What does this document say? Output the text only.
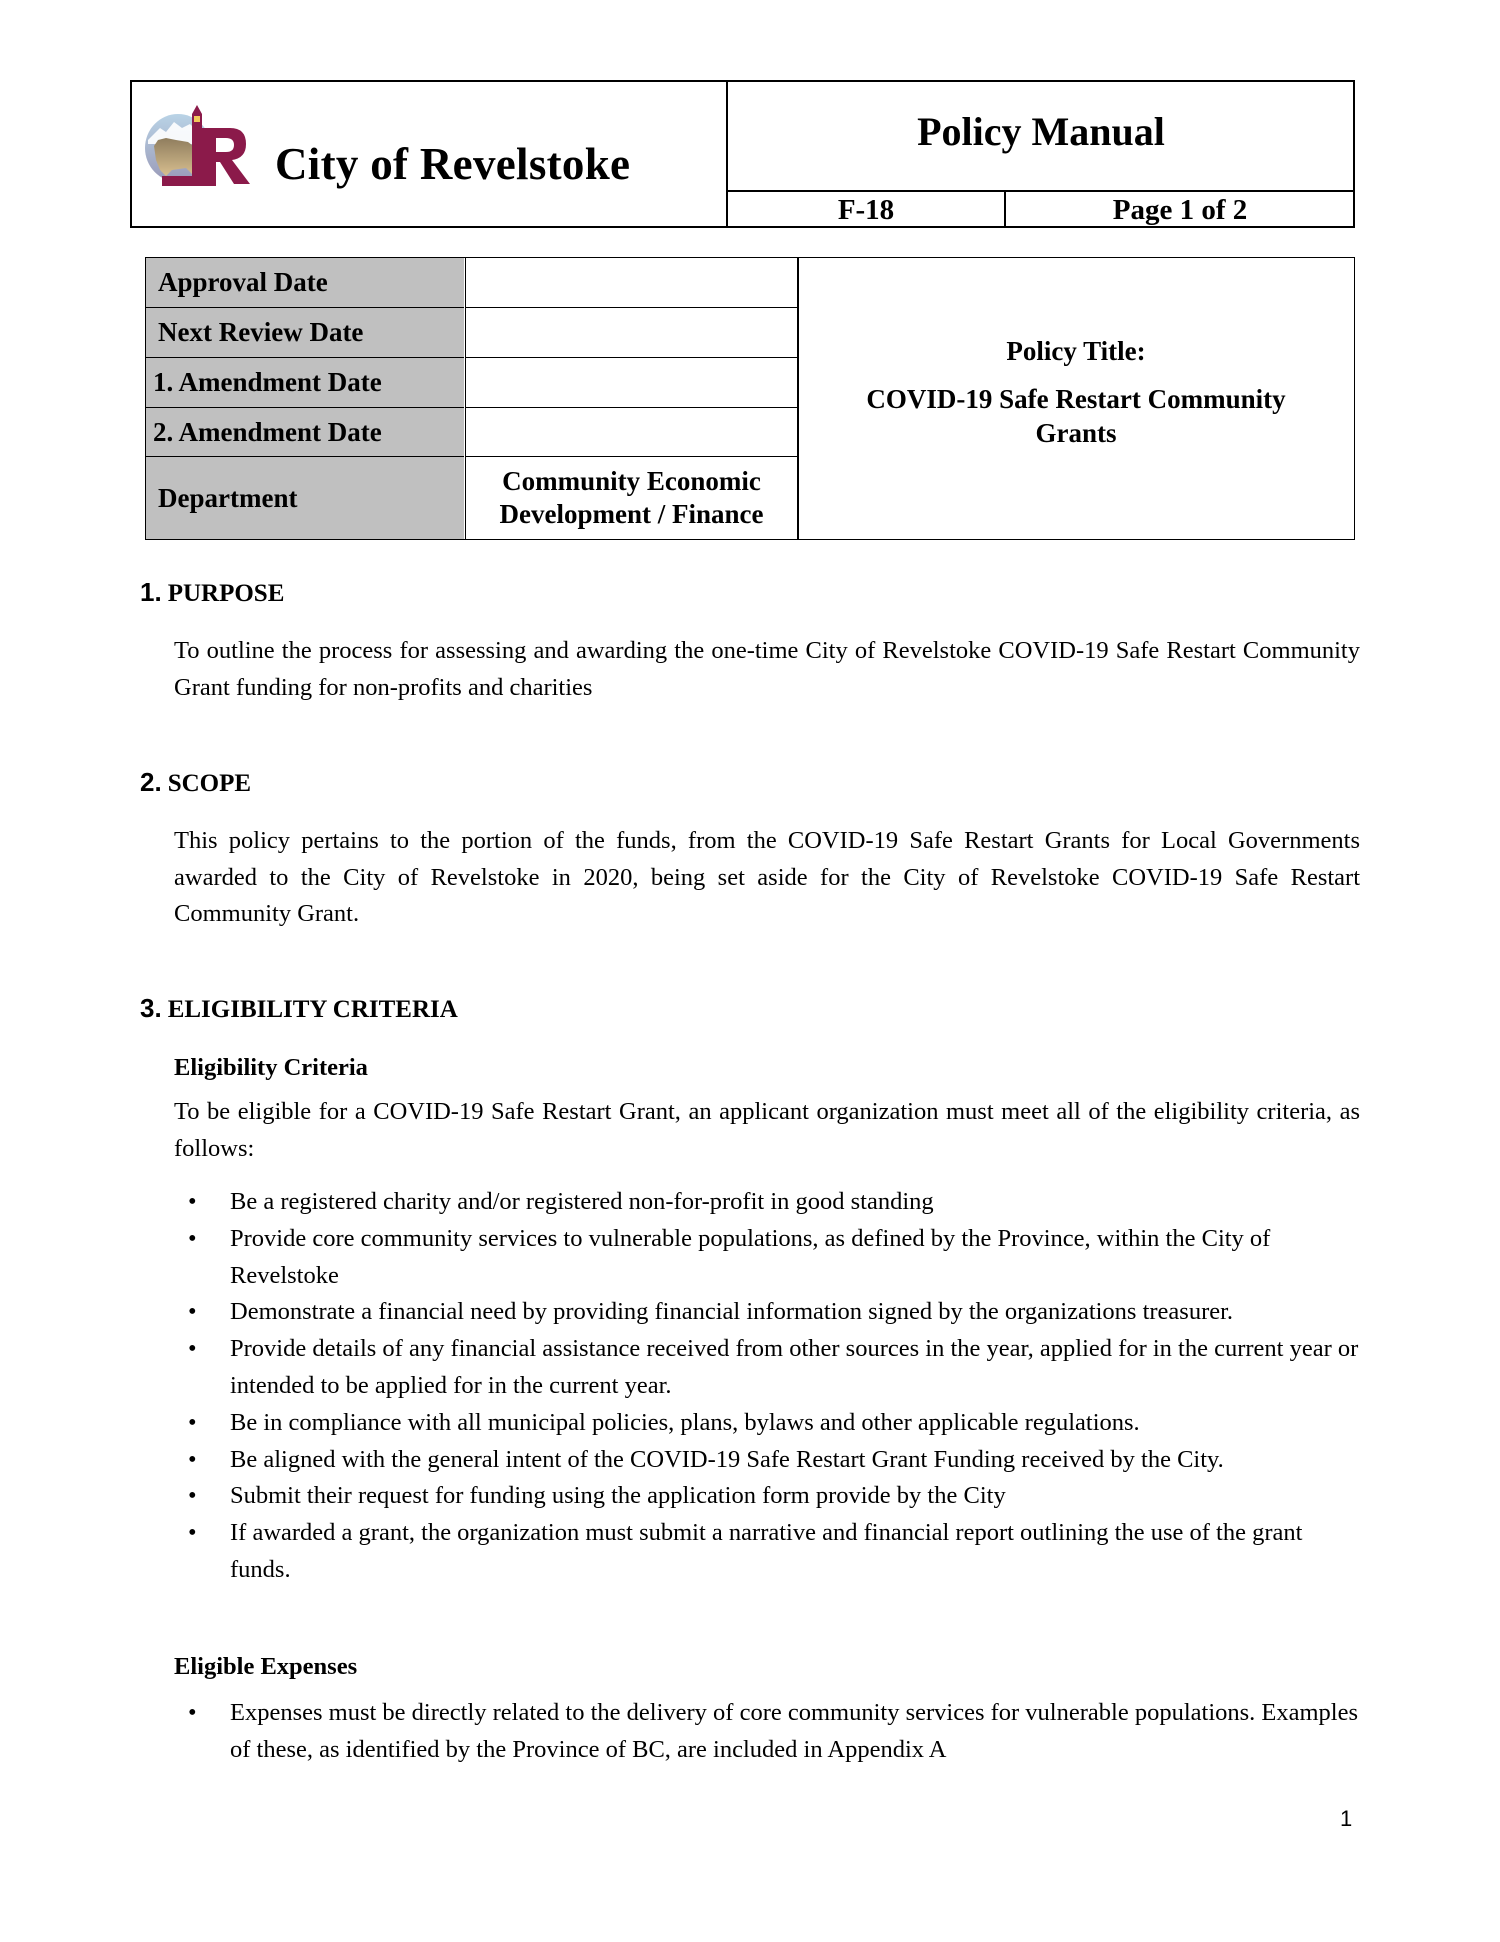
City of Revelstoke
Policy Manual
F-18	Page 1 of 2
Approval Date
Next Review Date
1. Amendment Date
2. Amendment Date
Department
Community Economic Development / Finance
Policy Title:
COVID-19 Safe Restart Community Grants
1. PURPOSE
To outline the process for assessing and awarding the one-time City of Revelstoke COVID-19 Safe Restart Community Grant funding for non-profits and charities
2. SCOPE
This policy pertains to the portion of the funds, from the COVID-19 Safe Restart Grants for Local Governments awarded to the City of Revelstoke in 2020, being set aside for the City of Revelstoke COVID-19 Safe Restart Community Grant.
3. ELIGIBILITY CRITERIA
Eligibility Criteria
To be eligible for a COVID-19 Safe Restart Grant, an applicant organization must meet all of the eligibility criteria, as follows:
• Be a registered charity and/or registered non-for-profit in good standing
• Provide core community services to vulnerable populations, as defined by the Province, within the City of Revelstoke
• Demonstrate a financial need by providing financial information signed by the organizations treasurer.
• Provide details of any financial assistance received from other sources in the year, applied for in the current year or intended to be applied for in the current year.
• Be in compliance with all municipal policies, plans, bylaws and other applicable regulations.
• Be aligned with the general intent of the COVID-19 Safe Restart Grant Funding received by the City.
• Submit their request for funding using the application form provide by the City
• If awarded a grant, the organization must submit a narrative and financial report outlining the use of the grant funds.
Eligible Expenses
• Expenses must be directly related to the delivery of core community services for vulnerable populations. Examples of these, as identified by the Province of BC, are included in Appendix A
1
